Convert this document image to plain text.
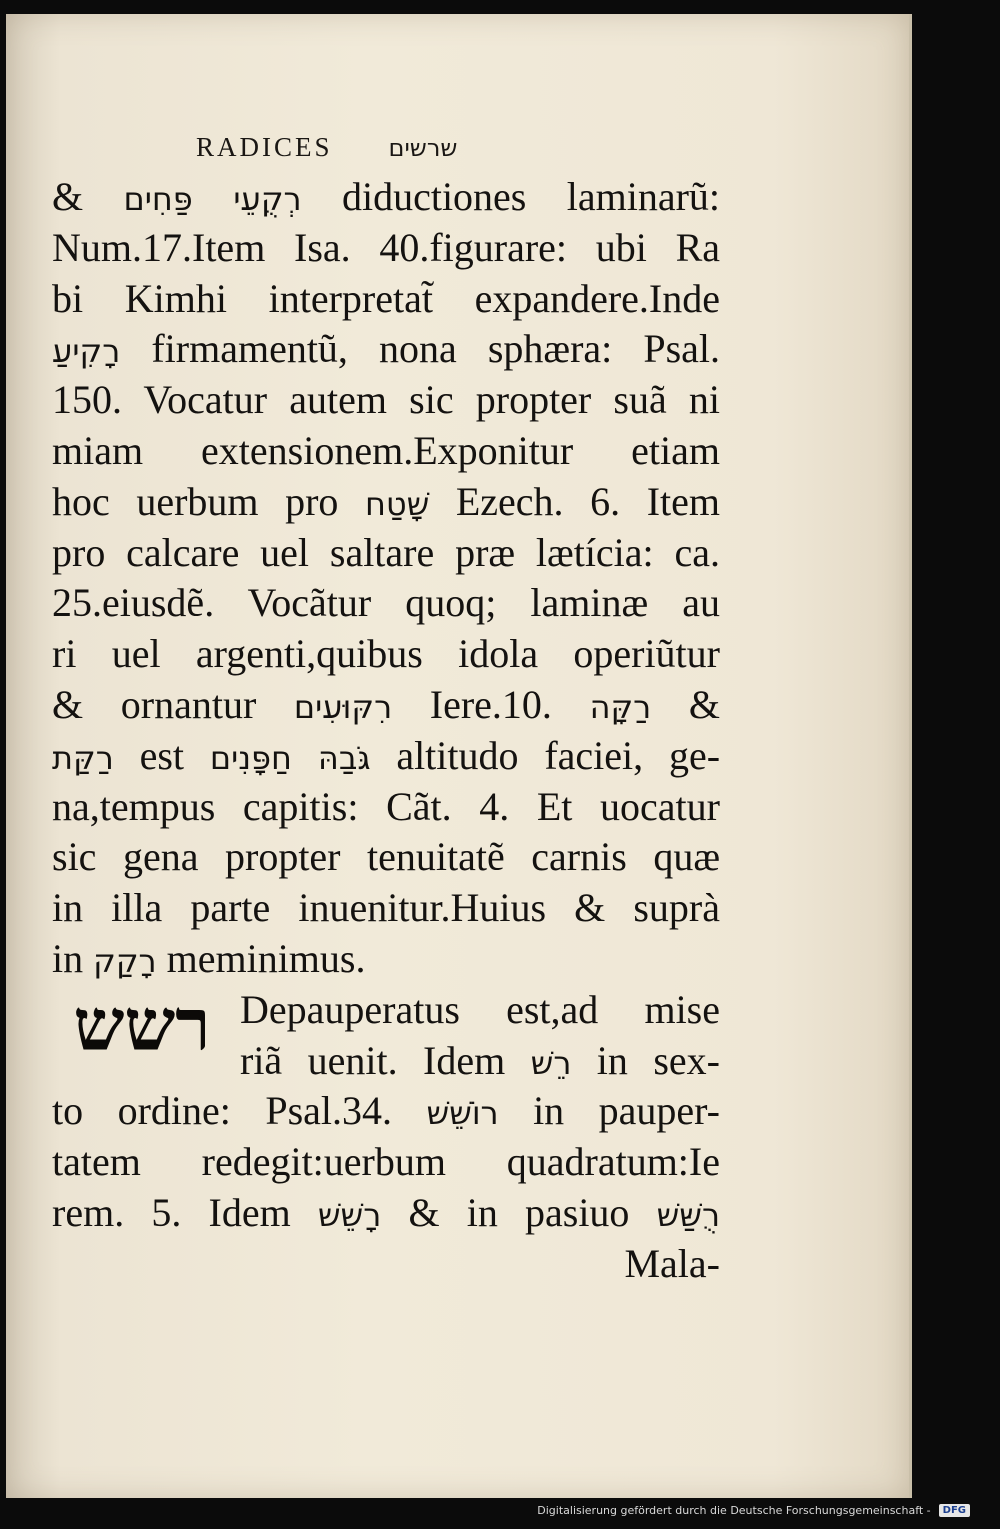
RADICES שרשים
& רְקֻעֵי פַּחִים diductiones laminarũ:
Num.17.Item Isa. 40.figurare: ubi Ra
bi Kimhi interpretat̃ expandere.Inde
רָקִיעַ firmamentũ, nona sphæra: Psal.
150. Vocatur autem sic propter suã ni
miam extensionem.Exponitur etiam
hoc uerbum pro שָׁטַח Ezech. 6. Item
pro calcare uel saltare præ lætícia: ca.
25.eiusdẽ. Vocãtur quoq; laminæ au
ri uel argenti,quibus idola operiũtur
& ornantur רִקּוּעִים Iere.10. רַקָּה &
רַקַּת est גֹּבַהּ חַפָּנִים altitudo faciei, ge-
na,tempus capitis: Cãt. 4. Et uocatur
sic gena propter tenuitatẽ carnis quæ
in illa parte inuenitur.Huius & suprà
in רָקַק meminimus.
רשש Depauperatus est,ad mise
riã uenit. Idem רֵשׁ in sex-
to ordine: Psal.34. רוֹשֵׁשׁ in pauper-
tatem redegit:uerbum quadratum:Ie
rem. 5. Idem רָשֵׁשׁ & in pasiuo רֻשַּׁשׁ
Mala-
Digitalisierung gefördert durch die Deutsche Forschungsgemeinschaft -	DFG
